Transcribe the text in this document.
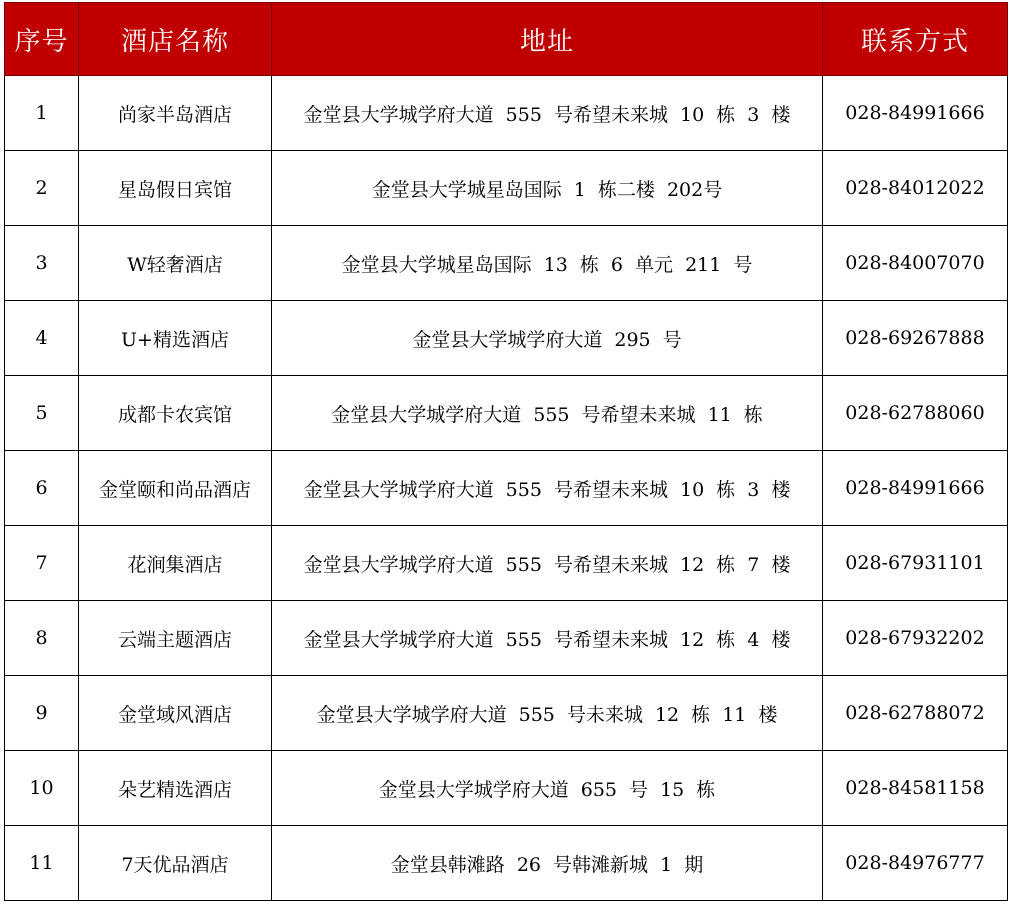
序号	酒店名称	地址	联系方式
1	尚家半岛酒店	金堂县大学城学府大道 555 号希望未来城 10 栋 3 楼	028-84991666
2	星岛假日宾馆	金堂县大学城星岛国际 1 栋二楼 202号	028-84012022
3	W轻奢酒店	金堂县大学城星岛国际 13 栋 6 单元 211 号	028-84007070
4	U+精选酒店	金堂县大学城学府大道 295 号	028-69267888
5	成都卡农宾馆	金堂县大学城学府大道 555 号希望未来城 11 栋	028-62788060
6	金堂颐和尚品酒店	金堂县大学城学府大道 555 号希望未来城 10 栋 3 楼	028-84991666
7	花涧集酒店	金堂县大学城学府大道 555 号希望未来城 12 栋 7 楼	028-67931101
8	云端主题酒店	金堂县大学城学府大道 555 号希望未来城 12 栋 4 楼	028-67932202
9	金堂域风酒店	金堂县大学城学府大道 555 号未来城 12 栋 11 楼	028-62788072
10	朵艺精选酒店	金堂县大学城学府大道 655 号 15 栋	028-84581158
11	7天优品酒店	金堂县韩滩路 26 号韩滩新城 1 期	028-84976777
